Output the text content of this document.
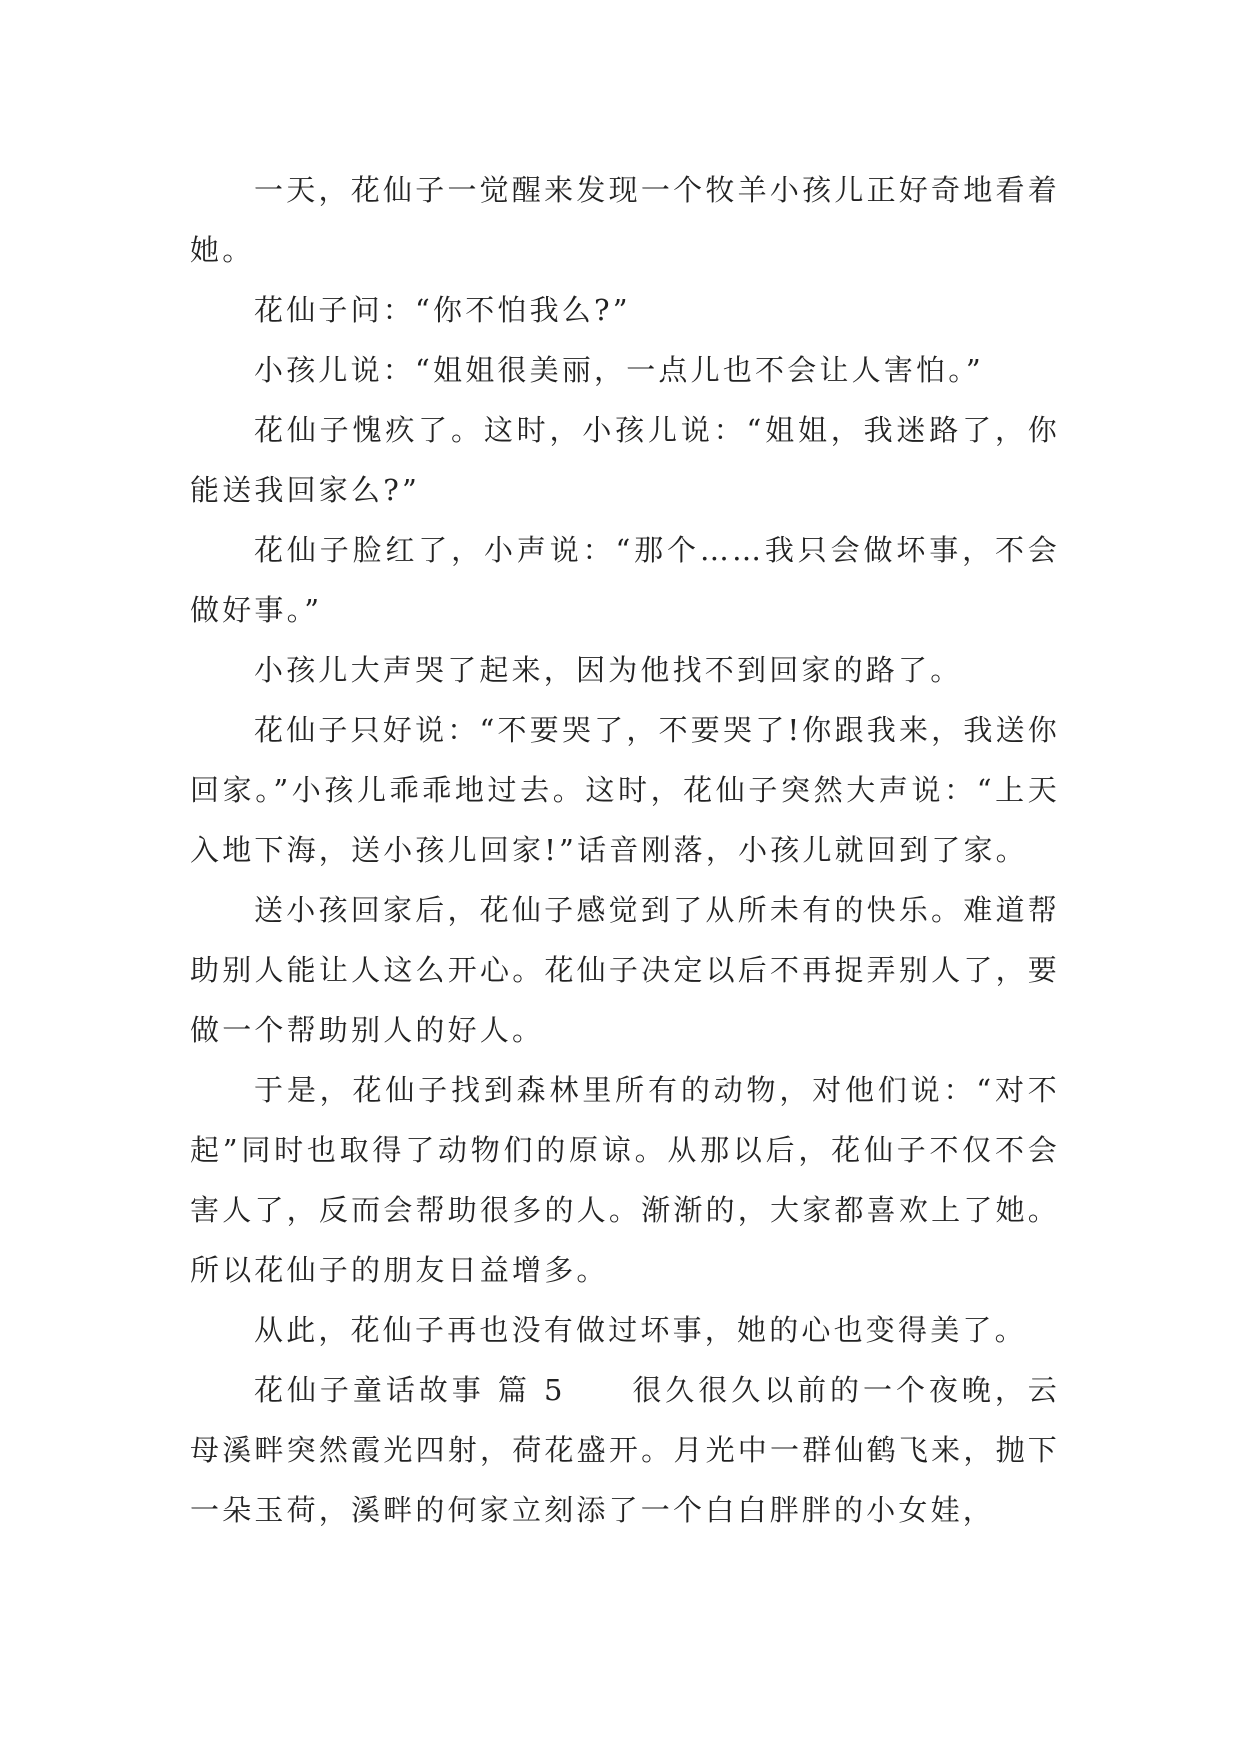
一天，花仙子一觉醒来发现一个牧羊小孩儿正好奇地看着她。

花仙子问：“你不怕我么?”

小孩儿说：“姐姐很美丽，一点儿也不会让人害怕。”

花仙子愧疚了。这时，小孩儿说：“姐姐，我迷路了，你能送我回家么?”

花仙子脸红了，小声说：“那个……我只会做坏事，不会做好事。”

小孩儿大声哭了起来，因为他找不到回家的路了。

花仙子只好说：“不要哭了，不要哭了!你跟我来，我送你回家。”小孩儿乖乖地过去。这时，花仙子突然大声说：“上天入地下海，送小孩儿回家!”话音刚落，小孩儿就回到了家。

送小孩回家后，花仙子感觉到了从所未有的快乐。难道帮助别人能让人这么开心。花仙子决定以后不再捉弄别人了，要做一个帮助别人的好人。

于是，花仙子找到森林里所有的动物，对他们说：“对不起”同时也取得了动物们的原谅。从那以后，花仙子不仅不会害人了，反而会帮助很多的人。渐渐的，大家都喜欢上了她。所以花仙子的朋友日益增多。

从此，花仙子再也没有做过坏事，她的心也变得美了。

花仙子童话故事 篇 5　　很久很久以前的一个夜晚，云母溪畔突然霞光四射，荷花盛开。月光中一群仙鹤飞来，抛下一朵玉荷，溪畔的何家立刻添了一个白白胖胖的小女娃，
